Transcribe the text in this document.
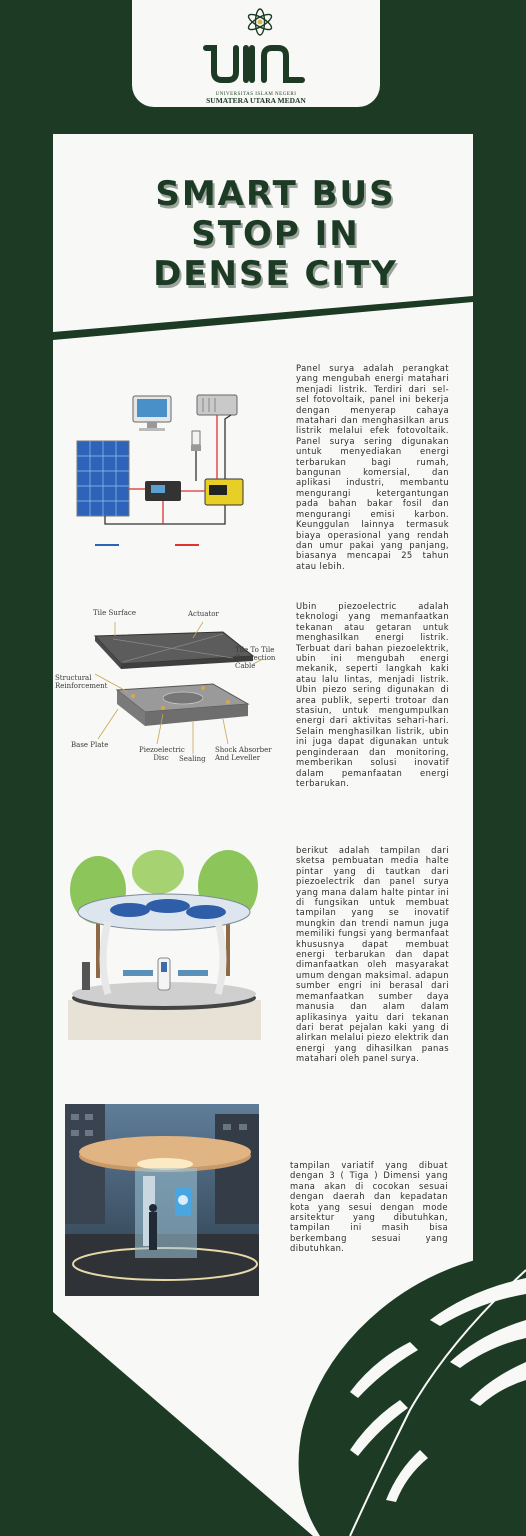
UNIVERSITAS ISLAM NEGERI
SUMATERA UTARA MEDAN
SMART BUS
STOP IN
DENSE CITY

Panel surya adalah perangkat yang mengubah energi matahari menjadi listrik. Terdiri dari sel-sel fotovoltaik, panel ini bekerja dengan menyerap cahaya matahari dan menghasilkan arus listrik melalui efek fotovoltaik. Panel surya sering digunakan untuk menyediakan energi terbarukan bagi rumah, bangunan komersial, dan aplikasi industri, membantu mengurangi ketergantungan pada bahan bakar fosil dan mengurangi emisi karbon. Keunggulan lainnya termasuk biaya operasional yang rendah dan umur pakai yang panjang, biasanya mencapai 25 tahun atau lebih.

Tile Surface	Actuator
Tile To Tile Connection Cable
Structural Reinforcement
Base Plate
Piezoelectric Disc	Sealing
Shock Absorber And Leveller

Ubin piezoelectric adalah teknologi yang memanfaatkan tekanan atau getaran untuk menghasilkan energi listrik. Terbuat dari bahan piezoelektrik, ubin ini mengubah energi mekanik, seperti langkah kaki atau lalu lintas, menjadi listrik. Ubin piezo sering digunakan di area publik, seperti trotoar dan stasiun, untuk mengumpulkan energi dari aktivitas sehari-hari. Selain menghasilkan listrik, ubin ini juga dapat digunakan untuk penginderaan dan monitoring, memberikan solusi inovatif dalam pemanfaatan energi terbarukan.

berikut adalah tampilan dari sketsa pembuatan media halte pintar yang di tautkan dari piezoelectrik dan panel surya yang mana dalam halte pintar ini di fungsikan untuk membuat tampilan yang se inovatif mungkin dan trendi namun juga memiliki fungsi yang bermanfaat khususnya dapat membuat energi terbarukan dan dapat dimanfaatkan oleh masyarakat umum dengan maksimal. adapun sumber engri ini berasal dari memanfaatkan sumber daya manusia dan alam dalam aplikasinya yaitu dari tekanan dari berat pejalan kaki yang di alirkan melalui piezo elektrik dan energi yang dihasilkan panas matahari oleh panel surya.

tampilan variatif yang dibuat dengan 3 ( Tiga ) Dimensi yang mana akan di cocokan sesuai dengan daerah dan kepadatan kota yang sesui dengan mode arsitektur yang dibutuhkan, tampilan ini masih bisa berkembang sesuai yang dibutuhkan.
